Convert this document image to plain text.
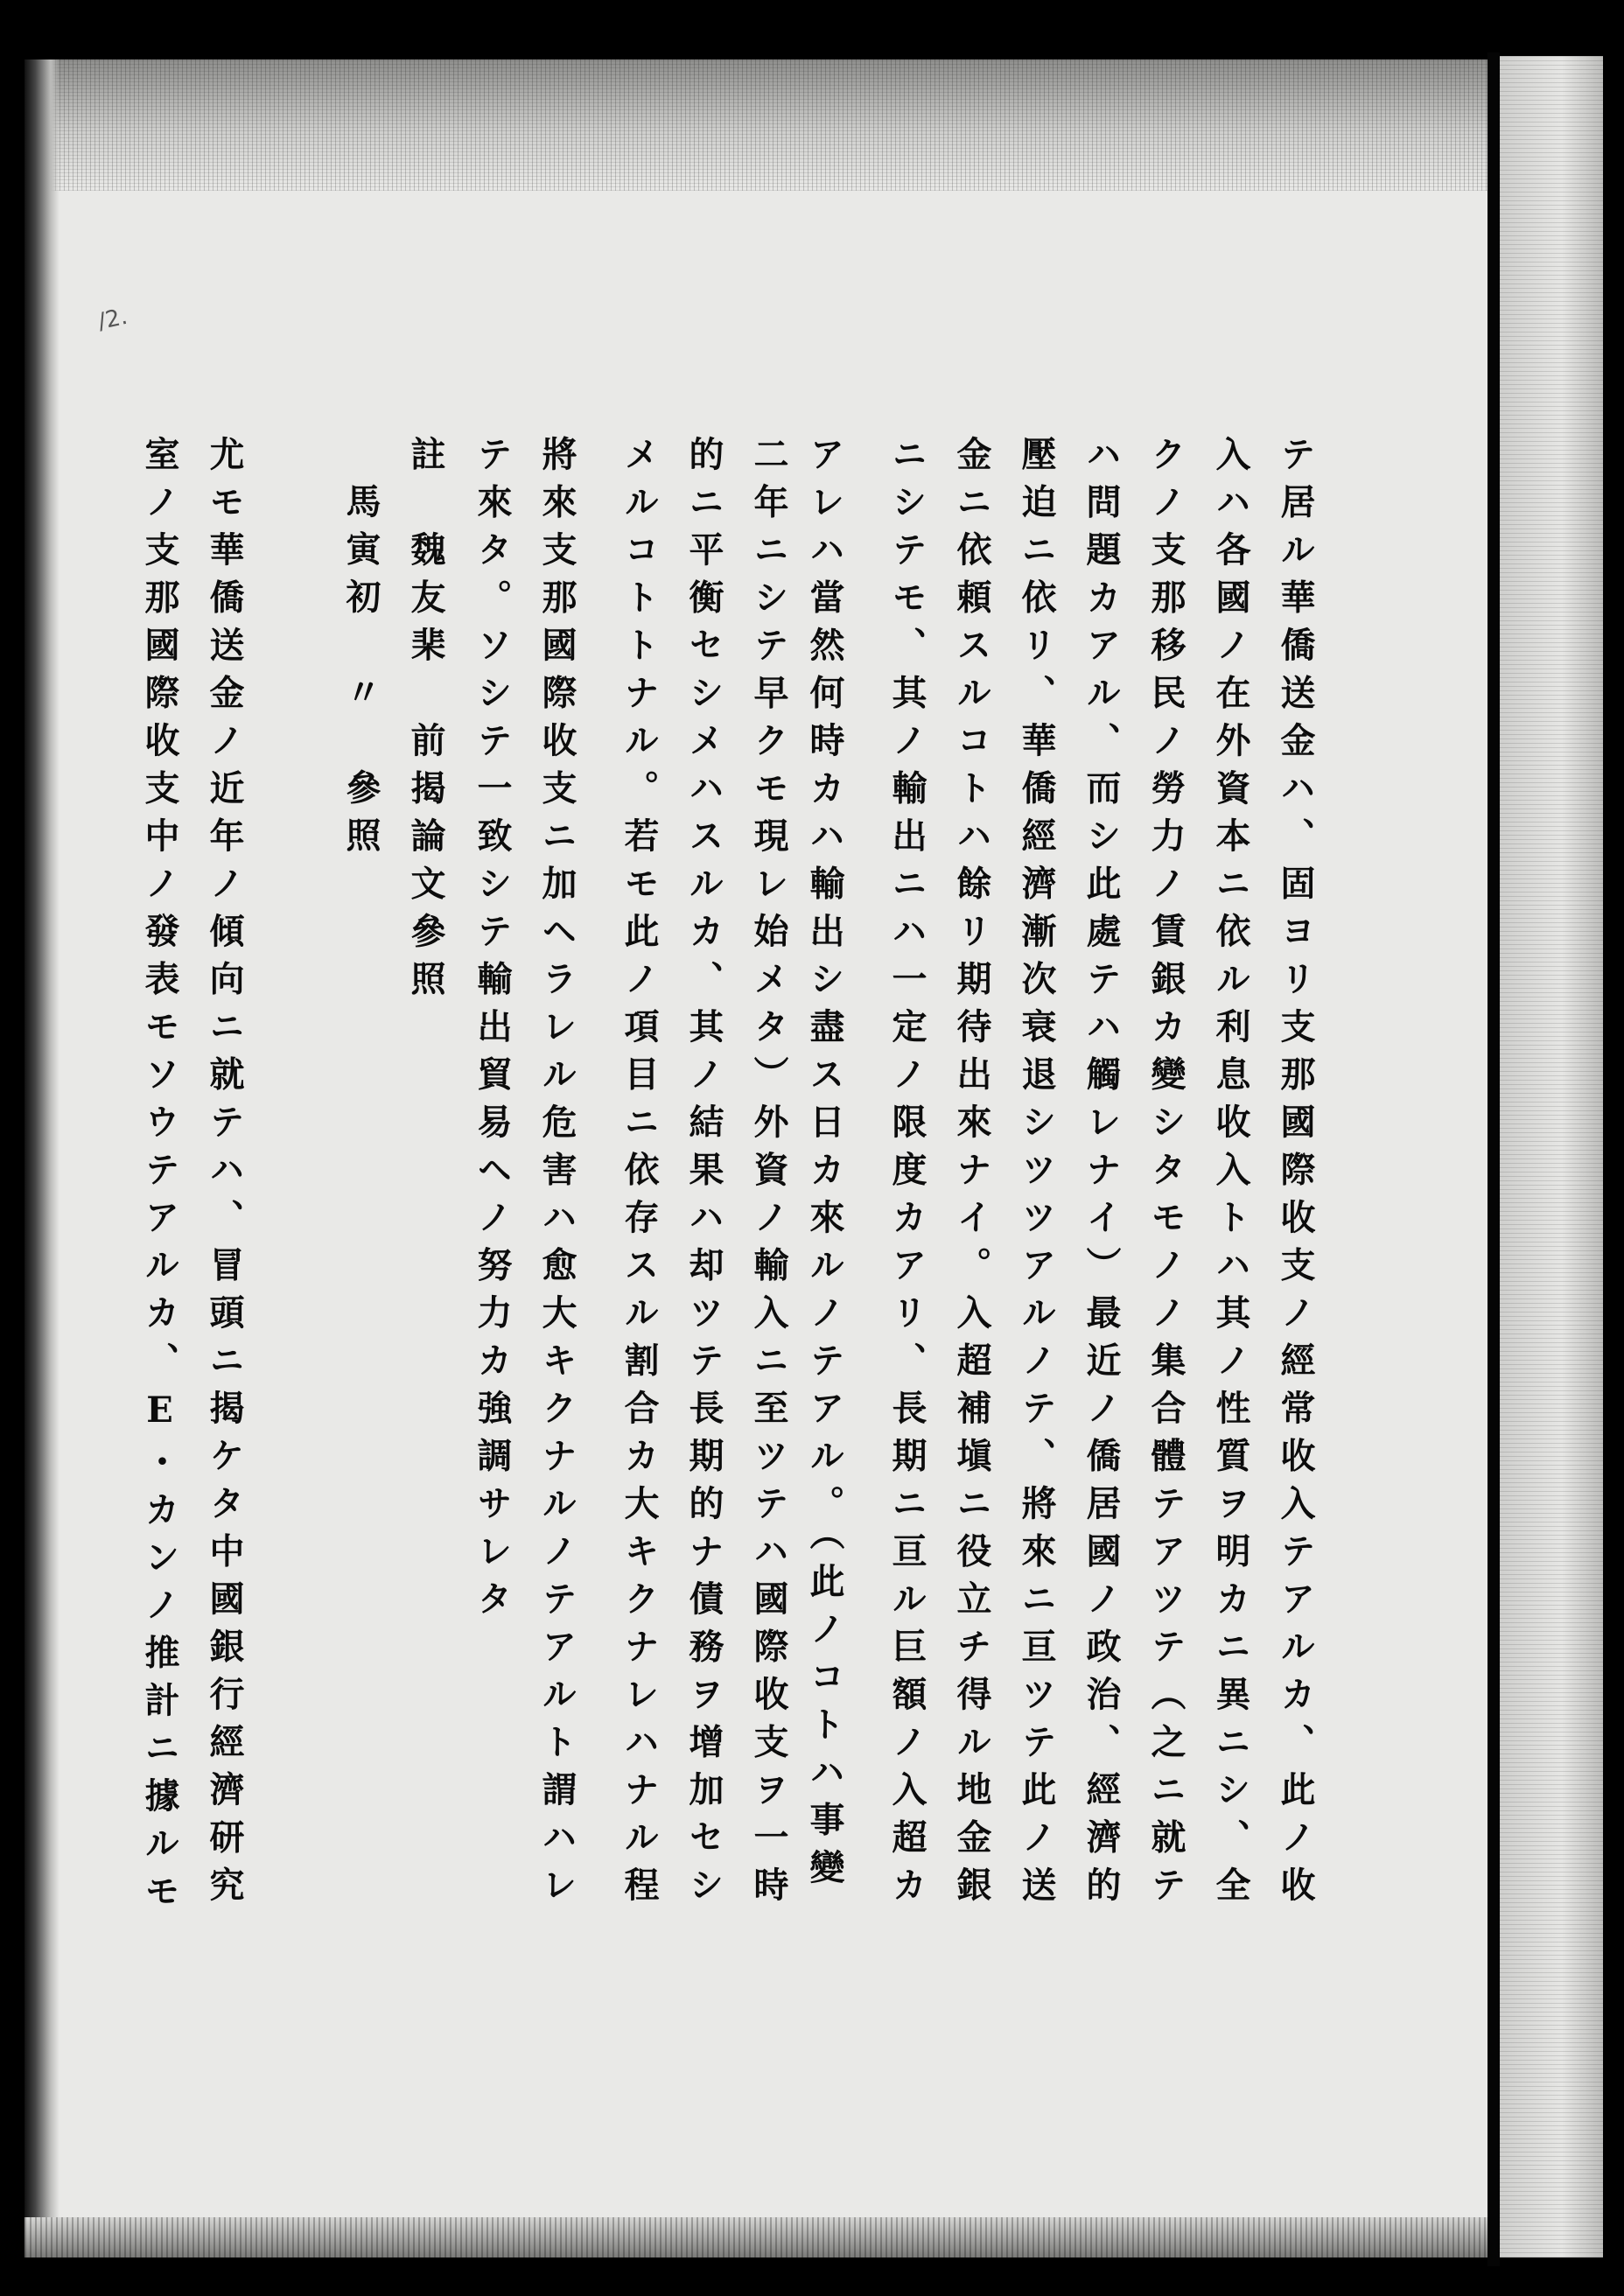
/2.
テ居ル華僑送金ハ、固ヨリ支那國際收支ノ經常收入テアルカ、此ノ收
入ハ各國ノ在外資本ニ依ル利息收入トハ其ノ性質ヲ明カニ異ニシ、全
クノ支那移民ノ勞力ノ賃銀カ變シタモノノ集合體テアツテ（之ニ就テ
ハ問題カアル、而シ此處テハ觸レナイ）最近ノ僑居國ノ政治、經濟的
壓迫ニ依リ、華僑經濟漸次衰退シツツアルノテ、將來ニ亘ツテ此ノ送
金ニ依頼スルコトハ餘リ期待出來ナイ。入超補塡ニ役立チ得ル地金銀
ニシテモ、其ノ輸出ニハ一定ノ限度カアリ、長期ニ亘ル巨額ノ入超カ
アレハ當然何時カハ輸出シ盡ス日カ來ルノテアル。（此ノコトハ事變
二年ニシテ早クモ現レ始メタ）外資ノ輸入ニ至ツテハ國際收支ヲ一時
的ニ平衡セシメハスルカ、其ノ結果ハ却ツテ長期的ナ債務ヲ增加セシ
メルコトトナル。若モ此ノ項目ニ依存スル割合カ大キクナレハナル程
將來支那國際收支ニ加ヘラレル危害ハ愈大キクナルノテアルト謂ハレ
テ來タ。ソシテ一致シテ輸出貿易ヘノ努力カ強調サレタ
註　魏友棐　前揭論文參照
馬寅初　〃　參照
尤モ華僑送金ノ近年ノ傾向ニ就テハ、冒頭ニ揭ケタ中國銀行經濟研究
室ノ支那國際收支中ノ發表モソウテアルカ、E・カンノ推計ニ據ルモ
